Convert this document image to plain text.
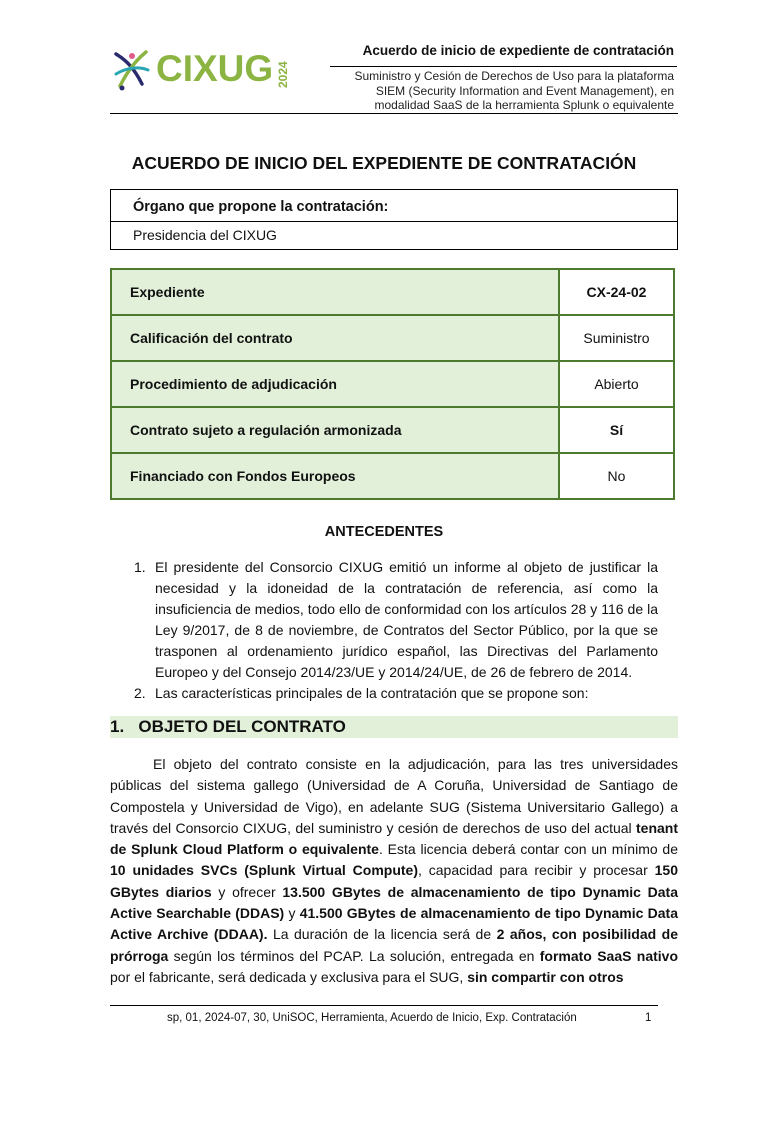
CIXUG 2024
Acuerdo de inicio de expediente de contratación
Suministro y Cesión de Derechos de Uso para la plataforma
SIEM (Security Information and Event Management), en
modalidad SaaS de la herramienta Splunk o equivalente
ACUERDO DE INICIO DEL EXPEDIENTE DE CONTRATACIÓN
Órgano que propone la contratación:
Presidencia del CIXUG
Expediente	CX-24-02
Calificación del contrato	Suministro
Procedimiento de adjudicación	Abierto
Contrato sujeto a regulación armonizada	Sí
Financiado con Fondos Europeos	No
ANTECEDENTES
1. El presidente del Consorcio CIXUG emitió un informe al objeto de justificar la necesidad y la idoneidad de la contratación de referencia, así como la insuficiencia de medios, todo ello de conformidad con los artículos 28 y 116 de la Ley 9/2017, de 8 de noviembre, de Contratos del Sector Público, por la que se trasponen al ordenamiento jurídico español, las Directivas del Parlamento Europeo y del Consejo 2014/23/UE y 2014/24/UE, de 26 de febrero de 2014.
2. Las características principales de la contratación que se propone son:
1.   OBJETO DEL CONTRATO
El objeto del contrato consiste en la adjudicación, para las tres universidades públicas del sistema gallego (Universidad de A Coruña, Universidad de Santiago de Compostela y Universidad de Vigo), en adelante SUG (Sistema Universitario Gallego) a través del Consorcio CIXUG, del suministro y cesión de derechos de uso del actual tenant de Splunk Cloud Platform o equivalente. Esta licencia deberá contar con un mínimo de 10 unidades SVCs (Splunk Virtual Compute), capacidad para recibir y procesar 150 GBytes diarios y ofrecer 13.500 GBytes de almacenamiento de tipo Dynamic Data Active Searchable (DDAS) y 41.500 GBytes de almacenamiento de tipo Dynamic Data Active Archive (DDAA). La duración de la licencia será de 2 años, con posibilidad de prórroga según los términos del PCAP. La solución, entregada en formato SaaS nativo por el fabricante, será dedicada y exclusiva para el SUG, sin compartir con otros
sp, 01, 2024-07, 30, UniSOC, Herramienta, Acuerdo de Inicio, Exp. Contratación	1
